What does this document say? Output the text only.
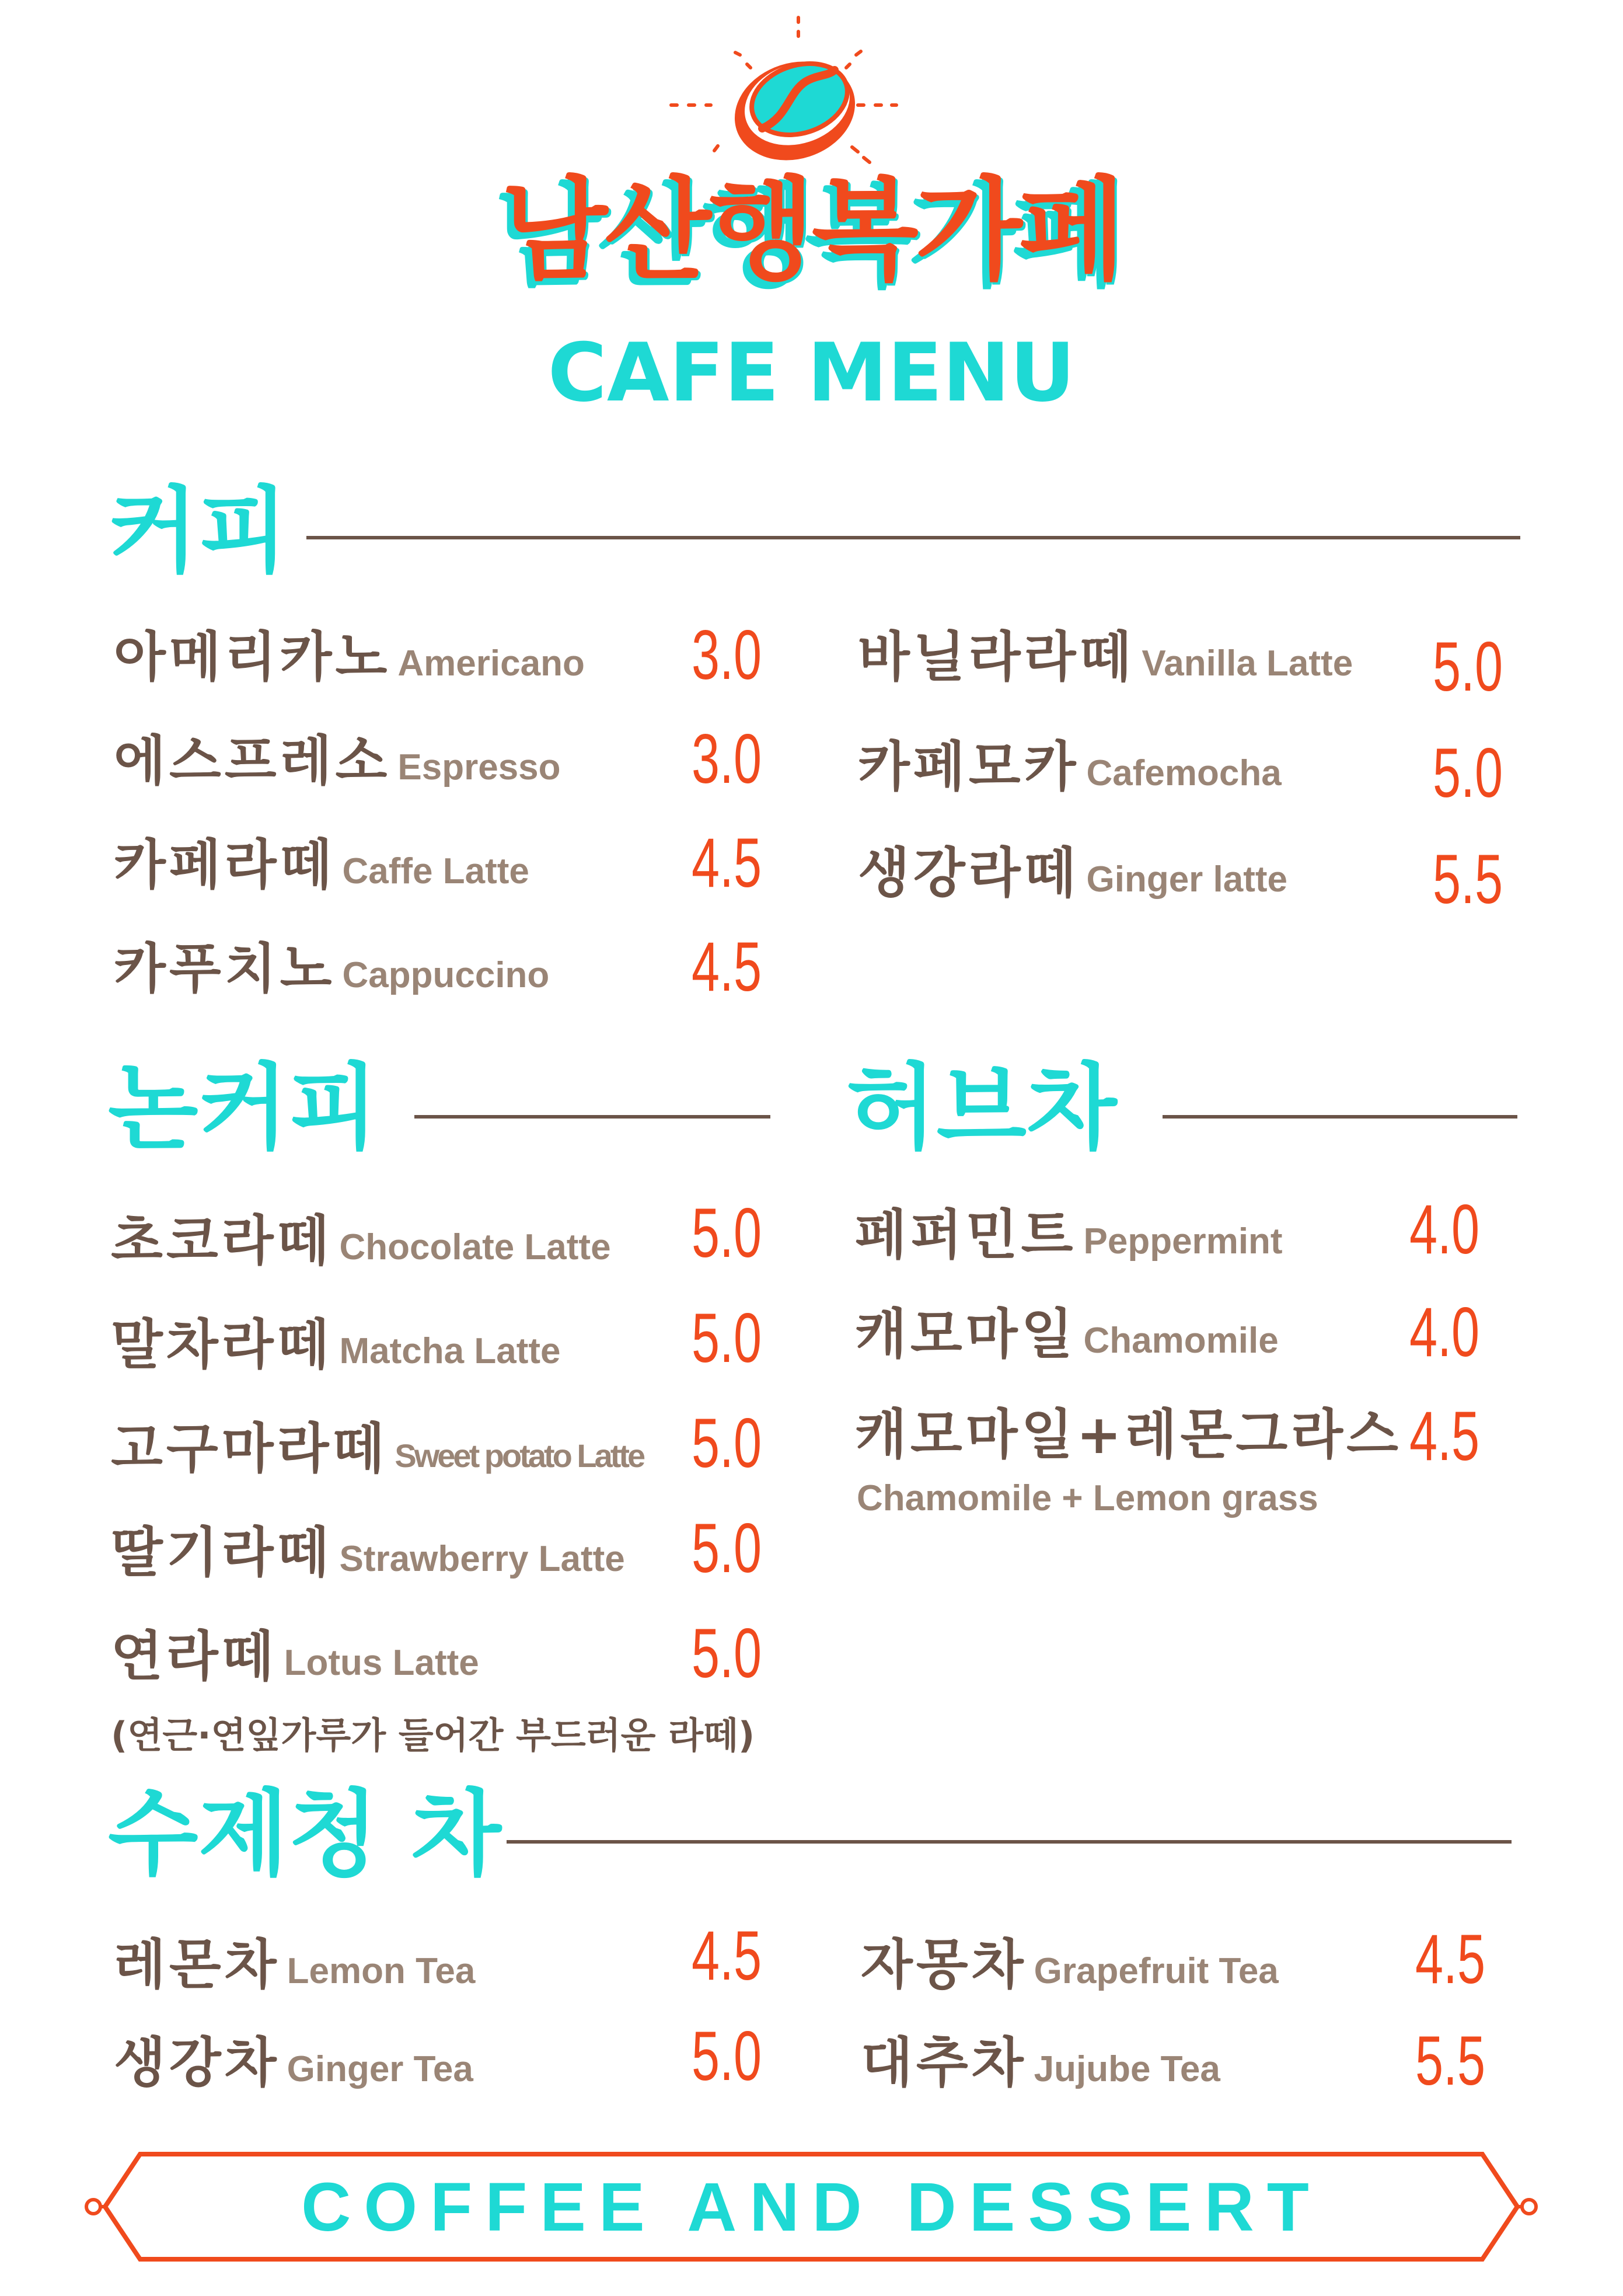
남산행복가페
CAFE MENU
커피
아메리카노 Americano 3.0
에스프레소 Espresso 3.0
카페라떼 Caffe Latte 4.5
카푸치노 Cappuccino 4.5
바닐라라떼 Vanilla Latte 5.0
카페모카 Cafemocha 5.0
생강라떼 Ginger latte 5.5
논커피
초코라떼 Chocolate Latte 5.0
말차라떼 Matcha Latte 5.0
고구마라떼 Sweet potato Latte 5.0
딸기라떼 Strawberry Latte 5.0
연라떼 Lotus Latte	5.0
(연근·연잎가루가 들어간 부드러운 라떼)
허브차
페퍼민트 Peppermint 4.0
캐모마일 Chamomile 4.0
캐모마일+레몬그라스 4.5
Chamomile + Lemon grass
수제청 차
레몬차 Lemon Tea	4.5
생강차 Ginger Tea	5.0
자몽차 Grapefruit Tea 4.5
대추차 Jujube Tea	5.5
COFFEE AND DESSERT
